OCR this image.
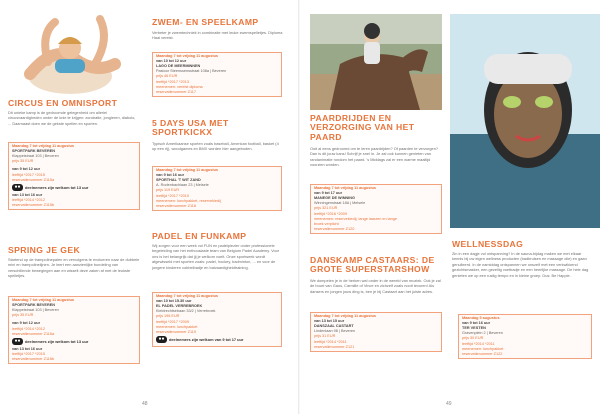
CIRCUS EN OMNISPORT
Dit unieke kamp is de gedroomde gelegenheid om allerlei circusvaardigheden onder de knie te krijgen: acrobatie, jongleren, diabolo, ... Daarnaast doen we de gekste spellen en sporten.
Maandag 7 tot vrijdag 11 augustus
SPORTPARK BEVEREN
Klappeistraat 103 | Beveren
prijs 35 EUR
van 9 tot 12 uur
leeftijd *2017 *2015
reservatienummer Z115a
●●	deelnemers zijn welkom tot 13 uur
van 13 tot 16 uur
leeftijd *2014 *2012
reservatienummer Z115b
SPRING JE GEK
Startend op de trampolinepalen en vervolgens te evolueren naar de dubbele mini en trampolinelijnen. Je leert een aanzienlijke bundeling van verschillende bewegingen aan en wisselt deze zaken af met de leukste spelletjes.
Maandag 7 tot vrijdag 11 augustus
SPORTPARK BEVEREN
Klappeistraat 103 | Beveren
prijs 35 EUR
van 9 tot 12 uur
leeftijd *2014 *2012
reservatienummer Z116a
●●	deelnemers zijn welkom tot 13 uur
van 13 tot 16 uur
leeftijd *2017 *2015
reservatienummer Z116b
ZWEM- EN SPEELKAMP
Verbeter je zwemtechniek in combinatie met leuke zwemspelletjes. Diploma Haai vereist.
Maandag 7 tot vrijdag 11 augustus
van 10 tot 12 uur
LAGO DE MEERMINNEN
Pastoor Steenssensstraat 108a | Beveren
prijs 46 EUR
leeftijd *2017 *2013
meenemen: vereist diploma
reservatienummer Z117
5 DAYS USA MET SPORTKICKX
Typisch Amerikaanse sporten zoals baseball, American football, basket (4 op een rij), woodgames en BMX worden hier aangeboden.
Maandag 7 tot vrijdag 11 augustus
van 9 tot 16 uur
SPORTHAL 'T WIT ZAND
A. Rodenbachlaan 23 | Melsele
prijs 119 EUR
leeftijd *2017 *2010
meenemen: lunchpakket, reservekledij
reservatienummer Z118
PADEL EN FUNKAMP
Wij zorgen voor een week vol FUN en padelplezier onder professionele begeleiding van het enthousiaste team van Belgium Padel Academy. Voor ons is het belangrijk dat jij je welkom voelt. Onze sportweek wordt afgewisseld met sporten zoals: padel, hockey, badminton, ... en voor de jongere kinderen cobbelbadje en balvaardigheidtraining.
Maandag 7 tot vrijdag 11 augustus
van 10 tot 15.30 uur
EL PADEL VERREBROEK
Kieldrechtsebaan 33/2 | Verrebroek
prijs 196 EUR
leeftijd *2017 *2009
meenemen: lunchpakket
reservatienummer Z119
●●	deelnemers zijn welkom van 9 tot 17 uur
48
PAARDRIJDEN EN VERZORGING VAN HET PAARD
Ooit al eens gedroomd om te leren paardrijden? Of paarden te verzorgen? Dan is dit jouw kans! Schrijf je snel in. Je zal ook kunnen genieten van randanimatie rondom het paard. 's Middags zal er een warme maaltijd voorzien worden.
Maandag 7 tot vrijdag 11 augustus
van 9 tot 17 uur
MANEGE DE WINNING
Winningenstraat 18A | Melsele
prijs 321 EUR
leeftijd *2016 *2009
meenemen: reservekledij, lange laarzen en lange
broek verplicht
reservatienummer Z120
DANSKAMP CASTAARS: DE GROTE SUPERSTARSHOW
We dompelen je in de herken wal onder in de wereld van muziek. Ook je zal de buurt van Gaos, Carmille of Vince en zichzelf zoals nooit tevoren! Als dansers en jongen jouw ding is, ben je bij Castaart aan het juiste adres.
Maandag 7 tot vrijdag 11 augustus
van 13 tot 15 uur
DANSZAAL CASTART
Lindenlaan 98 | Beveren
prijs 31 EUR
leeftijd *2014 *2011
reservatienummer Z121
WELLNESSDAG
Zin in een dagje vol ontspanning? In de sauna-bijdag maken we met elkaar kennis bij uw eigen wellness producten (badbruisen en massage olie) en gaan genulleerd. In de namiddag ontspannen we onszelf met een verkwikkend gezichtsmasker, een gezellig voetbadje en een heerlijke massage. De hele dag genieten we op een rustig tempo en in kleine groep. Dus: Be Happie.
Maandag 5 augustus
van 9 tot 16 uur
TER VESTEN
Gravenplein 2 | Beveren
prijs 30 EUR
leeftijd *2014 *2011
meenemen: lunchpakket
reservatienummer Z122
49
